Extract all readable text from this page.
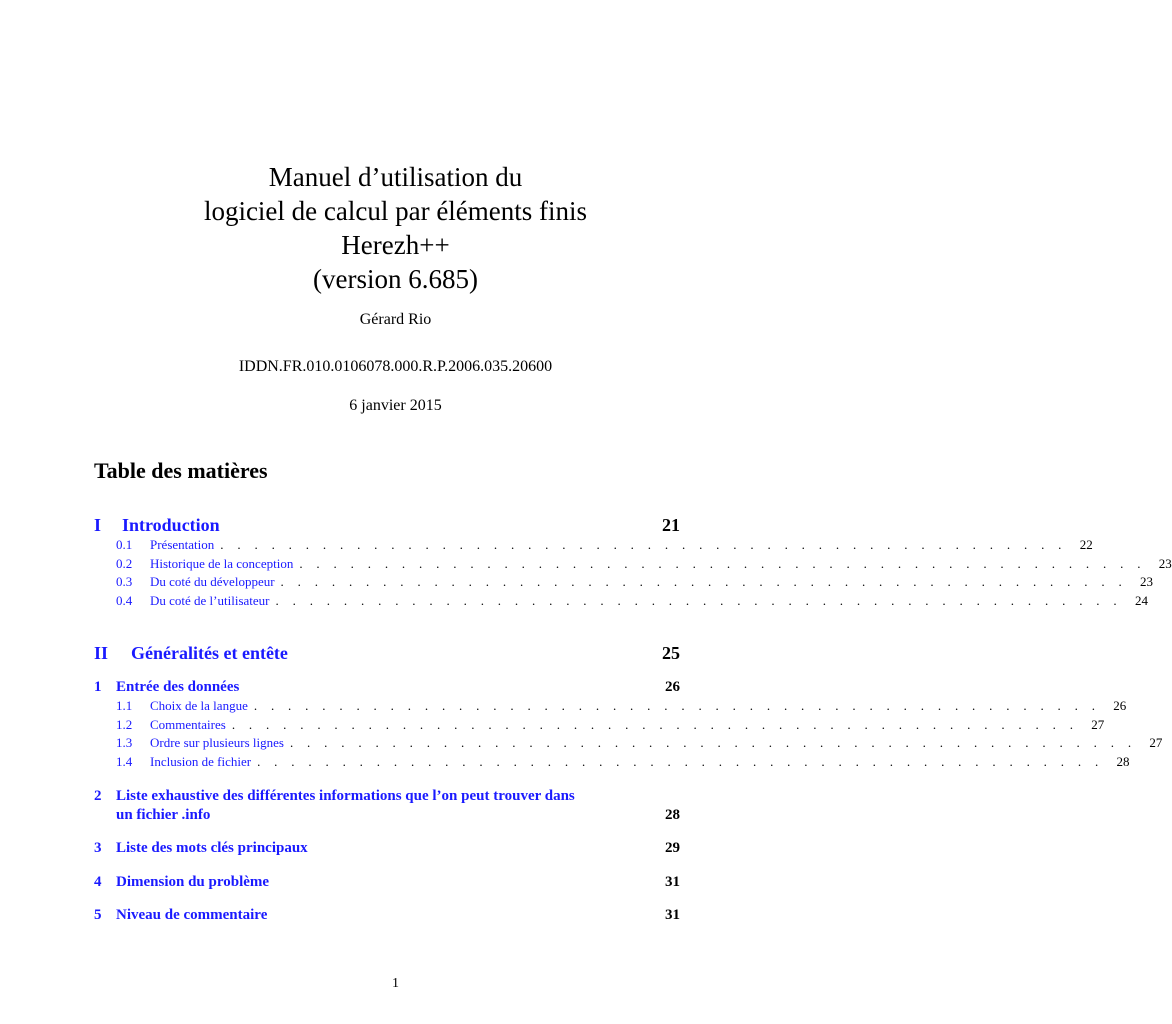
Manuel d’utilisation du
logiciel de calcul par éléments finis
Herezh++
(version 6.685)
Gérard Rio
IDDN.FR.010.0106078.000.R.P.2006.035.20600
6 janvier 2015
Table des matières
I Introduction	21
0.1	Présentation . . . . . . . . . . . . . . . . . . . . . . . . . . . . . . . . . . . . . . . . . . . . . . . . . .	22
0.2	Historique de la conception . . . . . . . . . . . . . . . . . . . . . . . . . . . . . . . . . . . . . . . . . . . . . . . . . .	23
0.3	Du coté du développeur . . . . . . . . . . . . . . . . . . . . . . . . . . . . . . . . . . . . . . . . . . . . . . . . . .	23
0.4	Du coté de l’utilisateur . . . . . . . . . . . . . . . . . . . . . . . . . . . . . . . . . . . . . . . . . . . . . . . . . .	24
II Généralités et entête	25
1 Entrée des données	26
1.1	Choix de la langue . . . . . . . . . . . . . . . . . . . . . . . . . . . . . . . . . . . . . . . . . . . . . . . . . .	26
1.2	Commentaires . . . . . . . . . . . . . . . . . . . . . . . . . . . . . . . . . . . . . . . . . . . . . . . . . .	27
1.3	Ordre sur plusieurs lignes . . . . . . . . . . . . . . . . . . . . . . . . . . . . . . . . . . . . . . . . . . . . . . . . . .	27
1.4	Inclusion de fichier . . . . . . . . . . . . . . . . . . . . . . . . . . . . . . . . . . . . . . . . . . . . . . . . . .	28
2 Liste exhaustive des différentes informations que l’on peut trouver dans
un fichier .info	28
3 Liste des mots clés principaux	29
4 Dimension du problème	31
5 Niveau de commentaire	31
1
